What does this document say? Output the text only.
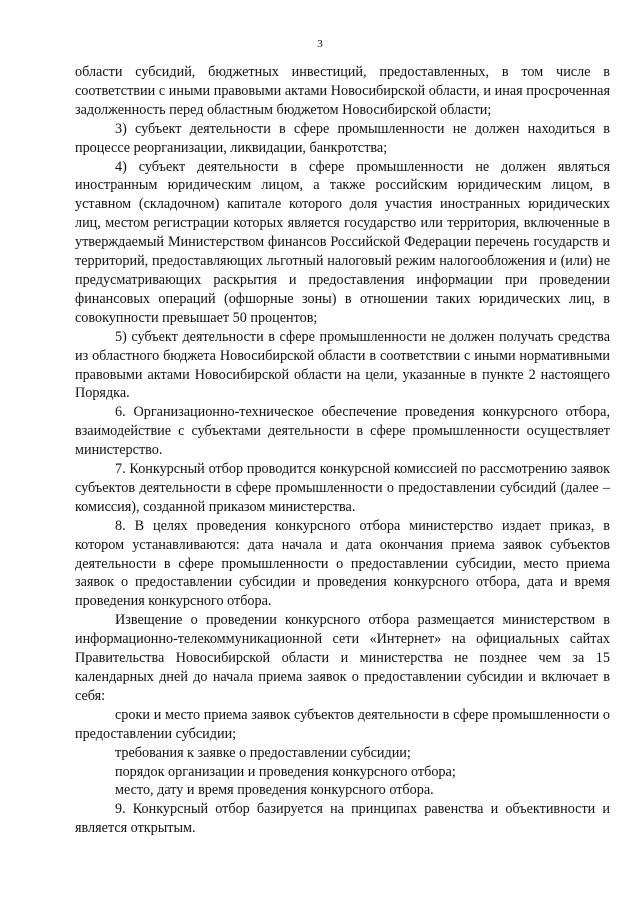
3

области субсидий, бюджетных инвестиций, предоставленных, в том числе в соответствии с иными правовыми актами Новосибирской области, и иная просроченная задолженность перед областным бюджетом Новосибирской области;

3) субъект деятельности в сфере промышленности не должен находиться в процессе реорганизации, ликвидации, банкротства;

4) субъект деятельности в сфере промышленности не должен являться иностранным юридическим лицом, а также российским юридическим лицом, в уставном (складочном) капитале которого доля участия иностранных юридических лиц, местом регистрации которых является государство или территория, включенные в утверждаемый Министерством финансов Российской Федерации перечень государств и территорий, предоставляющих льготный налоговый режим налогообложения и (или) не предусматривающих раскрытия и предоставления информации при проведении финансовых операций (офшорные зоны) в отношении таких юридических лиц, в совокупности превышает 50 процентов;

5) субъект деятельности в сфере промышленности не должен получать средства из областного бюджета Новосибирской области в соответствии с иными нормативными правовыми актами Новосибирской области на цели, указанные в пункте 2 настоящего Порядка.

6. Организационно-техническое обеспечение проведения конкурсного отбора, взаимодействие с субъектами деятельности в сфере промышленности осуществляет министерство.

7. Конкурсный отбор проводится конкурсной комиссией по рассмотрению заявок субъектов деятельности в сфере промышленности о предоставлении субсидий (далее – комиссия), созданной приказом министерства.

8. В целях проведения конкурсного отбора министерство издает приказ, в котором устанавливаются: дата начала и дата окончания приема заявок субъектов деятельности в сфере промышленности о предоставлении субсидии, место приема заявок о предоставлении субсидии и проведения конкурсного отбора, дата и время проведения конкурсного отбора.

Извещение о проведении конкурсного отбора размещается министерством в информационно-телекоммуникационной сети «Интернет» на официальных сайтах Правительства Новосибирской области и министерства не позднее чем за 15 календарных дней до начала приема заявок о предоставлении субсидии и включает в себя:

сроки и место приема заявок субъектов деятельности в сфере промышленности о предоставлении субсидии;

требования к заявке о предоставлении субсидии;

порядок организации и проведения конкурсного отбора;

место, дату и время проведения конкурсного отбора.

9. Конкурсный отбор базируется на принципах равенства и объективности и является открытым.
